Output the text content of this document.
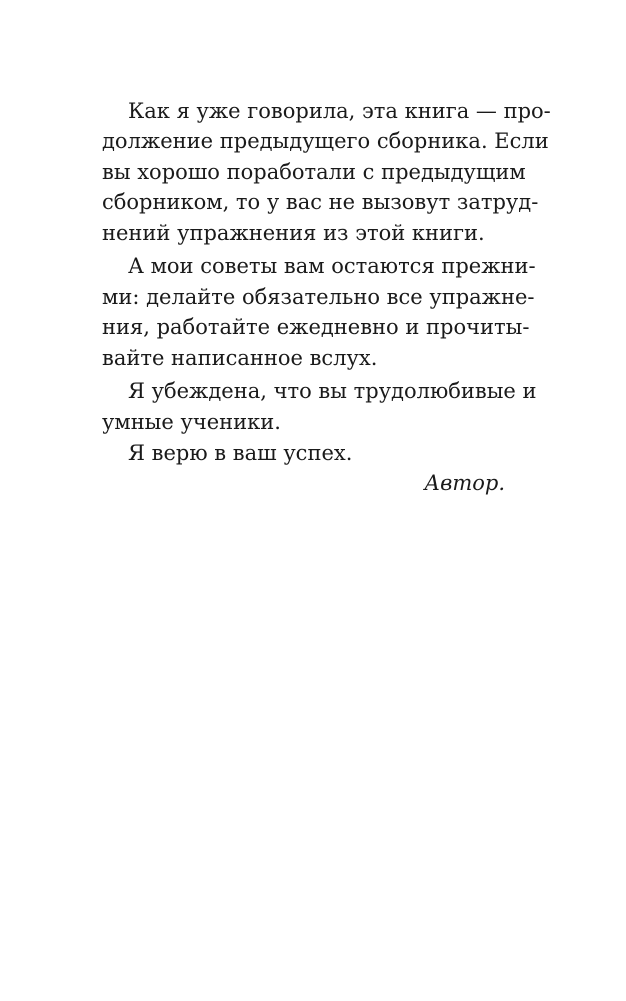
Как я уже говорила, эта книга — про-
должение предыдущего сборника. Если
вы хорошо поработали с предыдущим
сборником, то у вас не вызовут затруд-
нений упражнения из этой книги.
А мои советы вам остаются прежни-
ми: делайте обязательно все упражне-
ния, работайте ежедневно и прочиты-
вайте написанное вслух.
Я убеждена, что вы трудолюбивые и
умные ученики.
Я верю в ваш успех.
Автор.
